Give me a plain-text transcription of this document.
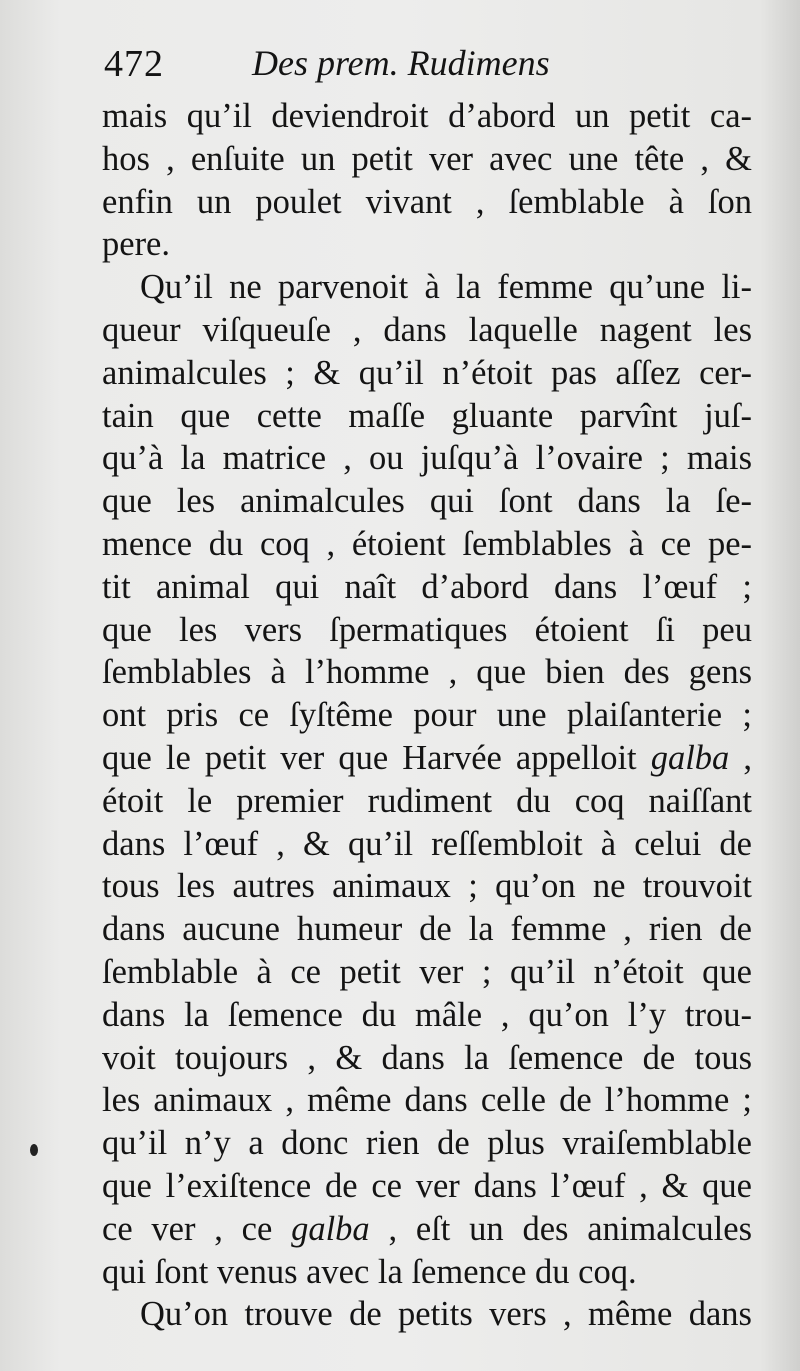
472 Des prem. Rudimens
mais qu’il deviendroit d’abord un petit ca-
hos , enſuite un petit ver avec une tête , &
enfin un poulet vivant , ſemblable à ſon
pere.
Qu’il ne parvenoit à la femme qu’une li-
queur viſqueuſe , dans laquelle nagent les
animalcules ; & qu’il n’étoit pas aſſez cer-
tain que cette maſſe gluante parvînt juſ-
qu’à la matrice , ou juſqu’à l’ovaire ; mais
que les animalcules qui ſont dans la ſe-
mence du coq , étoient ſemblables à ce pe-
tit animal qui naît d’abord dans l’œuf ;
que les vers ſpermatiques étoient ſi peu
ſemblables à l’homme , que bien des gens
ont pris ce ſyſtême pour une plaiſanterie ;
que le petit ver que Harvée appelloit galba ,
étoit le premier rudiment du coq naiſſant
dans l’œuf , & qu’il reſſembloit à celui de
tous les autres animaux ; qu’on ne trouvoit
dans aucune humeur de la femme , rien de
ſemblable à ce petit ver ; qu’il n’étoit que
dans la ſemence du mâle , qu’on l’y trou-
voit toujours , & dans la ſemence de tous
les animaux , même dans celle de l’homme ;
qu’il n’y a donc rien de plus vraiſemblable
que l’exiſtence de ce ver dans l’œuf , & que
ce ver , ce galba , eſt un des animalcules
qui ſont venus avec la ſemence du coq.
Qu’on trouve de petits vers , même dans
